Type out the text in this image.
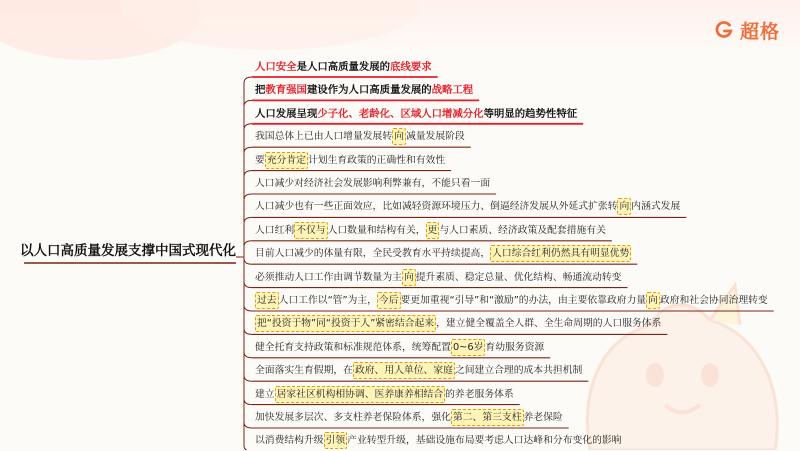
超格
以人口高质量发展支撑中国式现代化
人口安全是人口高质量发展的底线要求
把教育强国建设作为人口高质量发展的战略工程
人口发展呈现少子化、老龄化、区域人口增减分化等明显的趋势性特征
我国总体上已由人口增量发展转 向 减量发展阶段
要 充分肯定 计划生育政策的正确性和有效性
人口减少对经济社会发展影响利弊兼有，不能只看一面
人口减少也有一些正面效应，比如减轻资源环境压力、倒逼经济发展从外延式扩张转 向 内涵式发展
人口红利 不仅与 人口数量和结构有关， 更 与人口素质、经济政策及配套措施有关
目前人口减少的体量有限，全民受教育水平持续提高， 人口综合红利仍然具有明显优势
必须推动人口工作由调节数量为主 向 提升素质、稳定总量、优化结构、畅通流动转变
过去 人口工作以“管”为主， 今后 要更加重视“引导”和“激励”的办法，由主要依靠政府力量 向 政府和社会协同治理转变
把“投资于物”同“投资于人”紧密结合起来 ，建立健全覆盖全人群、全生命周期的人口服务体系
健全托育支持政策和标准规范体系，统筹配置 0~6岁 育幼服务资源
全面落实生育假期，在 政府、用人单位、家庭 之间建立合理的成本共担机制
建立 居家社区机构相协调、医养康养相结合 的养老服务体系
加快发展多层次、多支柱养老保险体系，强化 第二、第三支柱 养老保险
以消费结构升级 引领 产业转型升级，基础设施布局要考虑人口达峰和分布变化的影响
